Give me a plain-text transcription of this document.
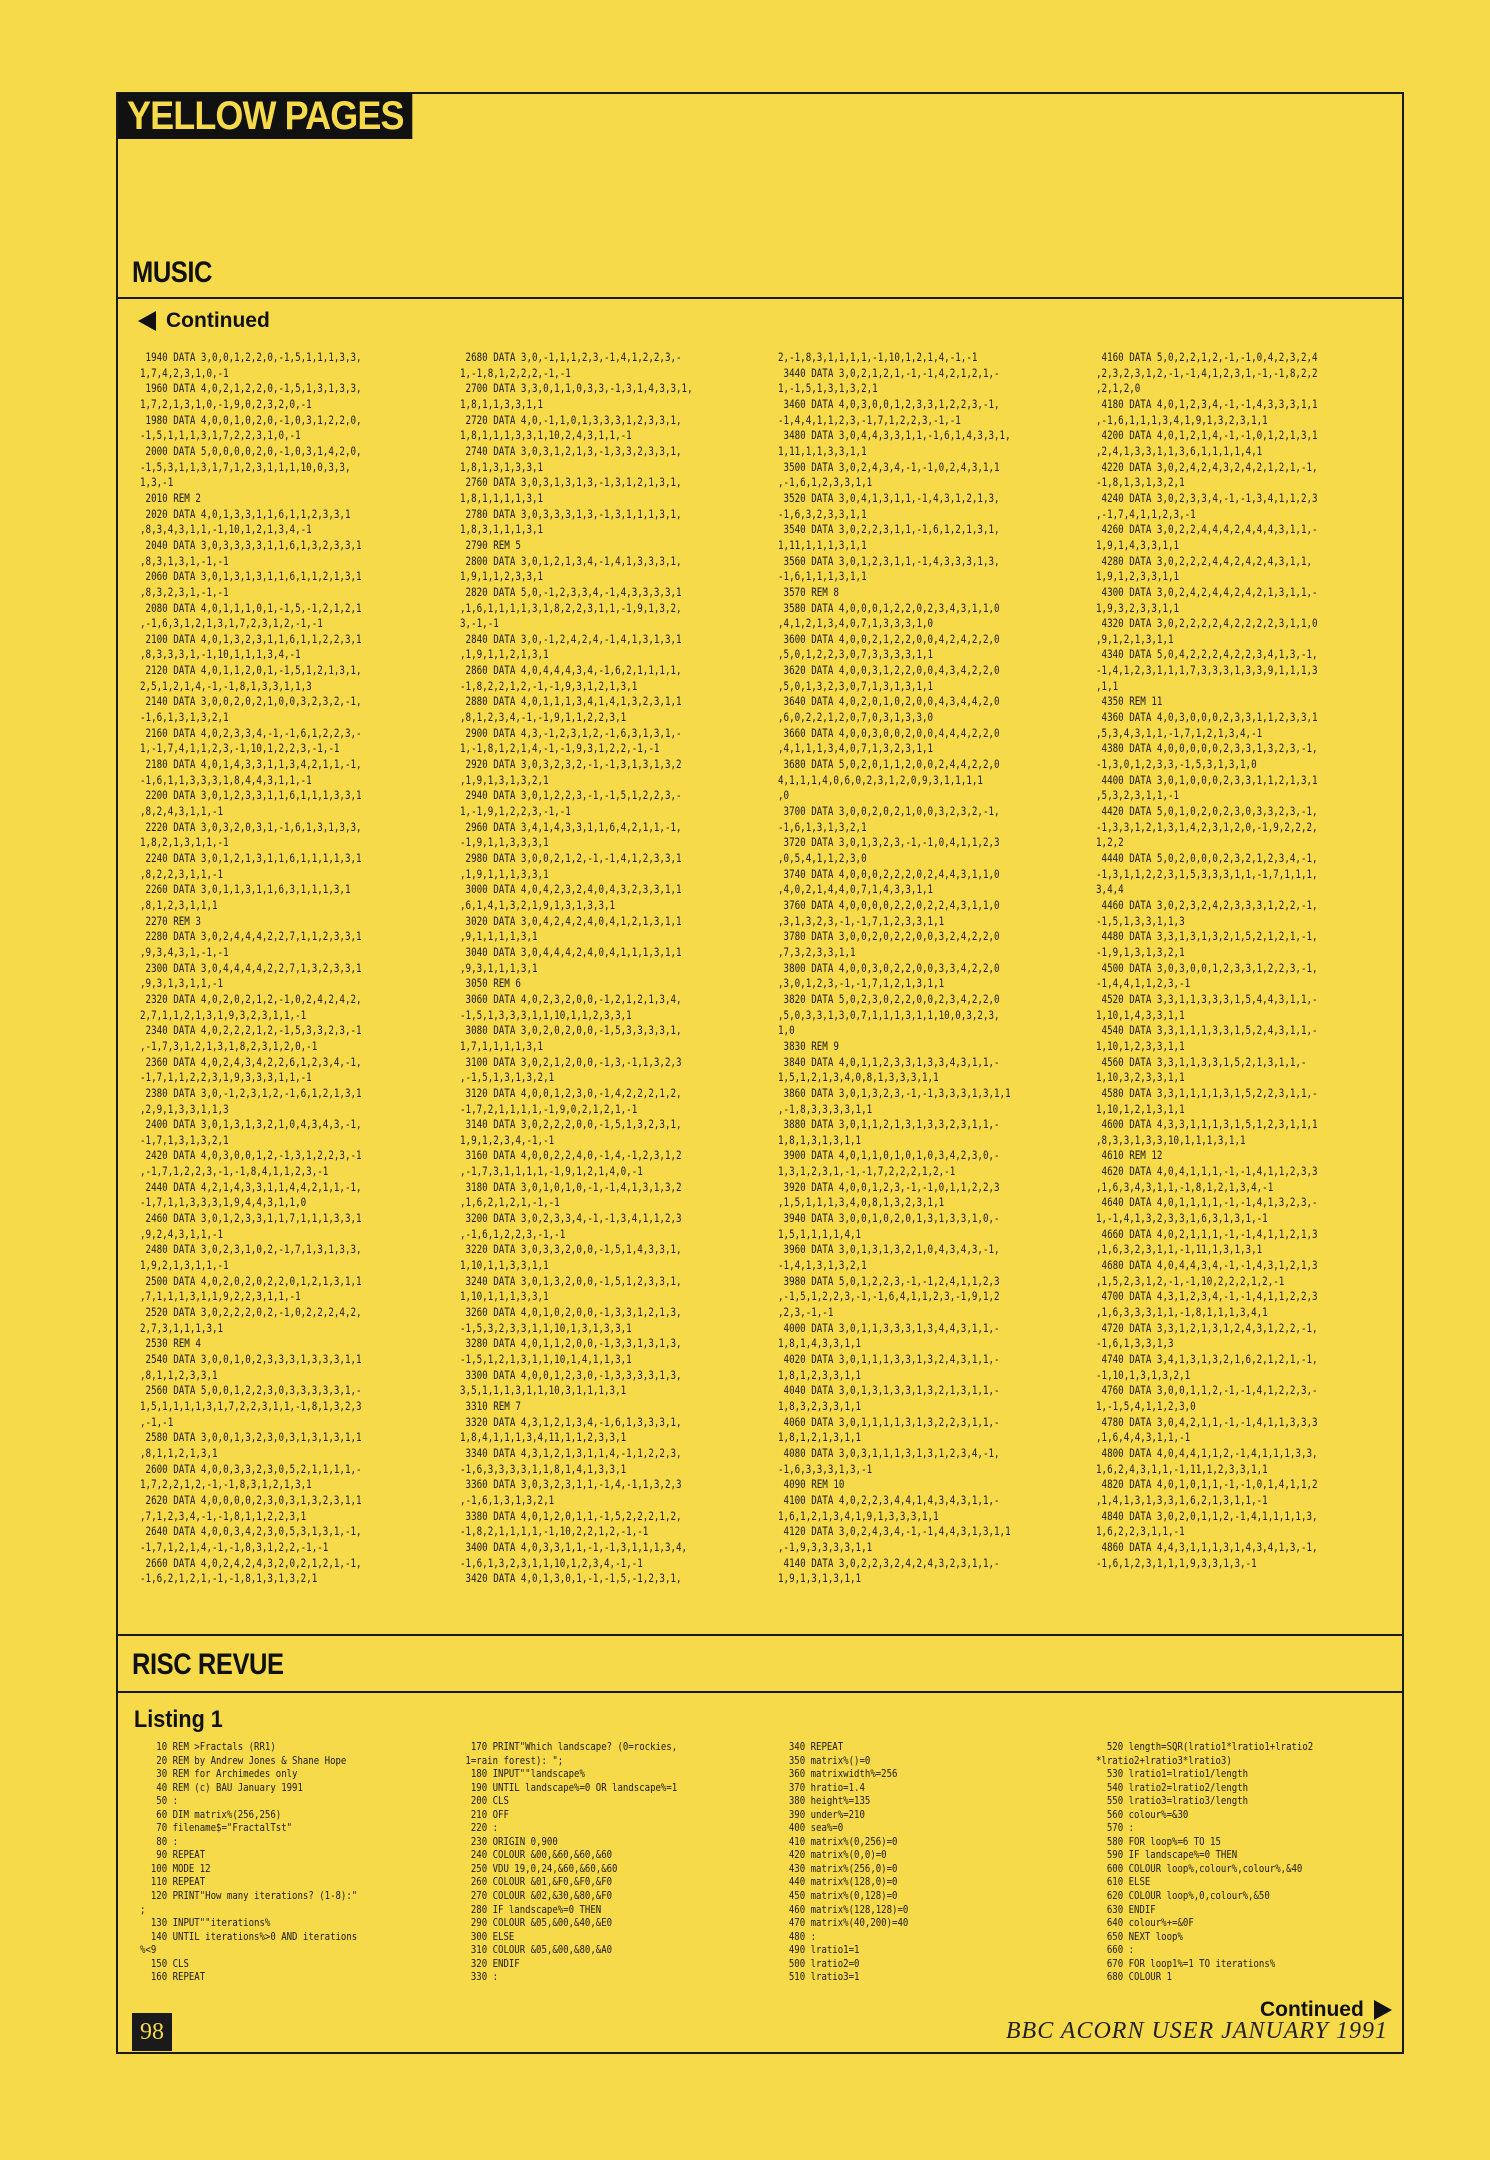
YELLOW PAGES
MUSIC
Continued
1940 DATA 3,0,0,1,2,2,0,-1,5,1,1,1,3,3,
1,7,4,2,3,1,0,-1
1960 DATA 4,0,2,1,2,2,0,-1,5,1,3,1,3,3,
1,7,2,1,3,1,0,-1,9,0,2,3,2,0,-1
1980 DATA 4,0,0,1,0,2,0,-1,0,3,1,2,2,0,
-1,5,1,1,1,3,1,7,2,2,3,1,0,-1
2000 DATA 5,0,0,0,0,2,0,-1,0,3,1,4,2,0,
-1,5,3,1,1,3,1,7,1,2,3,1,1,1,10,0,3,3,
1,3,-1
2010 REM 2
2020 DATA 4,0,1,3,3,1,1,6,1,1,2,3,3,1
,8,3,4,3,1,1,-1,10,1,2,1,3,4,-1
2040 DATA 3,0,3,3,3,3,1,1,6,1,3,2,3,3,1
,8,3,1,3,1,-1,-1
2060 DATA 3,0,1,3,1,3,1,1,6,1,1,2,1,3,1
,8,3,2,3,1,-1,-1
2080 DATA 4,0,1,1,1,0,1,-1,5,-1,2,1,2,1
,-1,6,3,1,2,1,3,1,7,2,3,1,2,-1,-1
2100 DATA 4,0,1,3,2,3,1,1,6,1,1,2,2,3,1
,8,3,3,3,1,-1,10,1,1,1,3,4,-1
2120 DATA 4,0,1,1,2,0,1,-1,5,1,2,1,3,1,
2,5,1,2,1,4,-1,-1,8,1,3,3,1,1,3
2140 DATA 3,0,0,2,0,2,1,0,0,3,2,3,2,-1,
-1,6,1,3,1,3,2,1
2160 DATA 4,0,2,3,3,4,-1,-1,6,1,2,2,3,-
1,-1,7,4,1,1,2,3,-1,10,1,2,2,3,-1,-1
2180 DATA 4,0,1,4,3,3,1,1,3,4,2,1,1,-1,
-1,6,1,1,3,3,3,1,8,4,4,3,1,1,-1
2200 DATA 3,0,1,2,3,3,1,1,6,1,1,1,3,3,1
,8,2,4,3,1,1,-1
2220 DATA 3,0,3,2,0,3,1,-1,6,1,3,1,3,3,
1,8,2,1,3,1,1,-1
2240 DATA 3,0,1,2,1,3,1,1,6,1,1,1,1,3,1
,8,2,2,3,1,1,-1
2260 DATA 3,0,1,1,3,1,1,6,3,1,1,1,3,1
,8,1,2,3,1,1,1
2270 REM 3
2280 DATA 3,0,2,4,4,4,2,2,7,1,1,2,3,3,1
,9,3,4,3,1,-1,-1
2300 DATA 3,0,4,4,4,4,2,2,7,1,3,2,3,3,1
,9,3,1,3,1,1,-1
2320 DATA 4,0,2,0,2,1,2,-1,0,2,4,2,4,2,
2,7,1,1,2,1,3,1,9,3,2,3,1,1,-1
2340 DATA 4,0,2,2,2,1,2,-1,5,3,3,2,3,-1
,-1,7,3,1,2,1,3,1,8,2,3,1,2,0,-1
2360 DATA 4,0,2,4,3,4,2,2,6,1,2,3,4,-1,
-1,7,1,1,2,2,3,1,9,3,3,3,1,1,-1
2380 DATA 3,0,-1,2,3,1,2,-1,6,1,2,1,3,1
,2,9,1,3,3,1,1,3
2400 DATA 3,0,1,3,1,3,2,1,0,4,3,4,3,-1,
-1,7,1,3,1,3,2,1
2420 DATA 4,0,3,0,0,1,2,-1,3,1,2,2,3,-1
,-1,7,1,2,2,3,-1,-1,8,4,1,1,2,3,-1
2440 DATA 4,2,1,4,3,3,1,1,4,4,2,1,1,-1,
-1,7,1,1,3,3,3,1,9,4,4,3,1,1,0
2460 DATA 3,0,1,2,3,3,1,1,7,1,1,1,3,3,1
,9,2,4,3,1,1,-1
2480 DATA 3,0,2,3,1,0,2,-1,7,1,3,1,3,3,
1,9,2,1,3,1,1,-1
2500 DATA 4,0,2,0,2,0,2,2,0,1,2,1,3,1,1
,7,1,1,1,3,1,1,9,2,2,3,1,1,-1
2520 DATA 3,0,2,2,2,0,2,-1,0,2,2,2,4,2,
2,7,3,1,1,1,3,1
2530 REM 4
2540 DATA 3,0,0,1,0,2,3,3,3,1,3,3,3,1,1
,8,1,1,2,3,3,1
2560 DATA 5,0,0,1,2,2,3,0,3,3,3,3,3,1,-
1,5,1,1,1,1,3,1,7,2,2,3,1,1,-1,8,1,3,2,3
,-1,-1
2580 DATA 3,0,0,1,3,2,3,0,3,1,3,1,3,1,1
,8,1,1,2,1,3,1
2600 DATA 4,0,0,3,3,2,3,0,5,2,1,1,1,1,-
1,7,2,2,1,2,-1,-1,8,3,1,2,1,3,1
2620 DATA 4,0,0,0,0,2,3,0,3,1,3,2,3,1,1
,7,1,2,3,4,-1,-1,8,1,1,2,2,3,1
2640 DATA 4,0,0,3,4,2,3,0,5,3,1,3,1,-1,
-1,7,1,2,1,4,-1,-1,8,3,1,2,2,-1,-1
2660 DATA 4,0,2,4,2,4,3,2,0,2,1,2,1,-1,
-1,6,2,1,2,1,-1,-1,8,1,3,1,3,2,1
2680 DATA 3,0,-1,1,1,2,3,-1,4,1,2,2,3,-
1,-1,8,1,2,2,2,-1,-1
2700 DATA 3,3,0,1,1,0,3,3,-1,3,1,4,3,3,1,
1,8,1,1,3,3,1,1
2720 DATA 4,0,-1,1,0,1,3,3,3,1,2,3,3,1,
1,8,1,1,1,3,3,1,10,2,4,3,1,1,-1
2740 DATA 3,0,3,1,2,1,3,-1,3,3,2,3,3,1,
1,8,1,3,1,3,3,1
2760 DATA 3,0,3,1,3,1,3,-1,3,1,2,1,3,1,
1,8,1,1,1,1,3,1
2780 DATA 3,0,3,3,3,1,3,-1,3,1,1,1,3,1,
1,8,3,1,1,1,3,1
2790 REM 5
2800 DATA 3,0,1,2,1,3,4,-1,4,1,3,3,3,1,
1,9,1,1,2,3,3,1
2820 DATA 5,0,-1,2,3,3,4,-1,4,3,3,3,3,1
,1,6,1,1,1,1,3,1,8,2,2,3,1,1,-1,9,1,3,2,
3,-1,-1
2840 DATA 3,0,-1,2,4,2,4,-1,4,1,3,1,3,1
,1,9,1,1,2,1,3,1
2860 DATA 4,0,4,4,4,3,4,-1,6,2,1,1,1,1,
-1,8,2,2,1,2,-1,-1,9,3,1,2,1,3,1
2880 DATA 4,0,1,1,1,3,4,1,4,1,3,2,3,1,1
,8,1,2,3,4,-1,-1,9,1,1,2,2,3,1
2900 DATA 4,3,-1,2,3,1,2,-1,6,3,1,3,1,-
1,-1,8,1,2,1,4,-1,-1,9,3,1,2,2,-1,-1
2920 DATA 3,0,3,2,3,2,-1,-1,3,1,3,1,3,2
,1,9,1,3,1,3,2,1
2940 DATA 3,0,1,2,2,3,-1,-1,5,1,2,2,3,-
1,-1,9,1,2,2,3,-1,-1
2960 DATA 3,4,1,4,3,3,1,1,6,4,2,1,1,-1,
-1,9,1,1,3,3,3,1
2980 DATA 3,0,0,2,1,2,-1,-1,4,1,2,3,3,1
,1,9,1,1,1,3,3,1
3000 DATA 4,0,4,2,3,2,4,0,4,3,2,3,3,1,1
,6,1,4,1,3,2,1,9,1,3,1,3,3,1
3020 DATA 3,0,4,2,4,2,4,0,4,1,2,1,3,1,1
,9,1,1,1,1,3,1
3040 DATA 3,0,4,4,4,2,4,0,4,1,1,1,3,1,1
,9,3,1,1,1,3,1
3050 REM 6
3060 DATA 4,0,2,3,2,0,0,-1,2,1,2,1,3,4,
-1,5,1,3,3,3,1,1,10,1,1,2,3,3,1
3080 DATA 3,0,2,0,2,0,0,-1,5,3,3,3,3,1,
1,7,1,1,1,1,3,1
3100 DATA 3,0,2,1,2,0,0,-1,3,-1,1,3,2,3
,-1,5,1,3,1,3,2,1
3120 DATA 4,0,0,1,2,3,0,-1,4,2,2,2,1,2,
-1,7,2,1,1,1,1,-1,9,0,2,1,2,1,-1
3140 DATA 3,0,2,2,2,0,0,-1,5,1,3,2,3,1,
1,9,1,2,3,4,-1,-1
3160 DATA 4,0,0,2,2,4,0,-1,4,-1,2,3,1,2
,-1,7,3,1,1,1,1,-1,9,1,2,1,4,0,-1
3180 DATA 3,0,1,0,1,0,-1,-1,4,1,3,1,3,2
,1,6,2,1,2,1,-1,-1
3200 DATA 3,0,2,3,3,4,-1,-1,3,4,1,1,2,3
,-1,6,1,2,2,3,-1,-1
3220 DATA 3,0,3,3,2,0,0,-1,5,1,4,3,3,1,
1,10,1,1,3,3,1,1
3240 DATA 3,0,1,3,2,0,0,-1,5,1,2,3,3,1,
1,10,1,1,1,3,3,1
3260 DATA 4,0,1,0,2,0,0,-1,3,3,1,2,1,3,
-1,5,3,2,3,3,1,1,10,1,3,1,3,3,1
3280 DATA 4,0,1,1,2,0,0,-1,3,3,1,3,1,3,
-1,5,1,2,1,3,1,1,10,1,4,1,1,3,1
3300 DATA 4,0,0,1,2,3,0,-1,3,3,3,3,1,3,
3,5,1,1,1,3,1,1,10,3,1,1,1,3,1
3310 REM 7
3320 DATA 4,3,1,2,1,3,4,-1,6,1,3,3,3,1,
1,8,4,1,1,1,3,4,11,1,1,2,3,3,1
3340 DATA 4,3,1,2,1,3,1,1,4,-1,1,2,2,3,
-1,6,3,3,3,3,1,1,8,1,4,1,3,3,1
3360 DATA 3,0,3,2,3,1,1,-1,4,-1,1,3,2,3
,-1,6,1,3,1,3,2,1
3380 DATA 4,0,1,2,0,1,1,-1,5,2,2,2,1,2,
-1,8,2,1,1,1,1,-1,10,2,2,1,2,-1,-1
3400 DATA 4,0,3,3,1,1,-1,-1,3,1,1,1,3,4,
-1,6,1,3,2,3,1,1,10,1,2,3,4,-1,-1
3420 DATA 4,0,1,3,0,1,-1,-1,5,-1,2,3,1,
2,-1,8,3,1,1,1,1,-1,10,1,2,1,4,-1,-1
3440 DATA 3,0,2,1,2,1,-1,-1,4,2,1,2,1,-
1,-1,5,1,3,1,3,2,1
3460 DATA 4,0,3,0,0,1,2,3,3,1,2,2,3,-1,
-1,4,4,1,1,2,3,-1,7,1,2,2,3,-1,-1
3480 DATA 3,0,4,4,3,3,1,1,-1,6,1,4,3,3,1,
1,11,1,1,3,3,1,1
3500 DATA 3,0,2,4,3,4,-1,-1,0,2,4,3,1,1
,-1,6,1,2,3,3,1,1
3520 DATA 3,0,4,1,3,1,1,-1,4,3,1,2,1,3,
-1,6,3,2,3,3,1,1
3540 DATA 3,0,2,2,3,1,1,-1,6,1,2,1,3,1,
1,11,1,1,1,3,1,1
3560 DATA 3,0,1,2,3,1,1,-1,4,3,3,3,1,3,
-1,6,1,1,1,3,1,1
3570 REM 8
3580 DATA 4,0,0,0,1,2,2,0,2,3,4,3,1,1,0
,4,1,2,1,3,4,0,7,1,3,3,3,1,0
3600 DATA 4,0,0,2,1,2,2,0,0,4,2,4,2,2,0
,5,0,1,2,2,3,0,7,3,3,3,3,1,1
3620 DATA 4,0,0,3,1,2,2,0,0,4,3,4,2,2,0
,5,0,1,3,2,3,0,7,1,3,1,3,1,1
3640 DATA 4,0,2,0,1,0,2,0,0,4,3,4,4,2,0
,6,0,2,2,1,2,0,7,0,3,1,3,3,0
3660 DATA 4,0,0,3,0,0,2,0,0,4,4,4,2,2,0
,4,1,1,1,3,4,0,7,1,3,2,3,1,1
3680 DATA 5,0,2,0,1,1,2,0,0,2,4,4,2,2,0
4,1,1,1,4,0,6,0,2,3,1,2,0,9,3,1,1,1,1
,0
3700 DATA 3,0,0,2,0,2,1,0,0,3,2,3,2,-1,
-1,6,1,3,1,3,2,1
3720 DATA 3,0,1,3,2,3,-1,-1,0,4,1,1,2,3
,0,5,4,1,1,2,3,0
3740 DATA 4,0,0,0,2,2,2,0,2,4,4,3,1,1,0
,4,0,2,1,4,4,0,7,1,4,3,3,1,1
3760 DATA 4,0,0,0,0,2,2,0,2,2,4,3,1,1,0
,3,1,3,2,3,-1,-1,7,1,2,3,3,1,1
3780 DATA 3,0,0,2,0,2,2,0,0,3,2,4,2,2,0
,7,3,2,3,3,1,1
3800 DATA 4,0,0,3,0,2,2,0,0,3,3,4,2,2,0
,3,0,1,2,3,-1,-1,7,1,2,1,3,1,1
3820 DATA 5,0,2,3,0,2,2,0,0,2,3,4,2,2,0
,5,0,3,3,1,3,0,7,1,1,1,3,1,1,10,0,3,2,3,
1,0
3830 REM 9
3840 DATA 4,0,1,1,2,3,3,1,3,3,4,3,1,1,-
1,5,1,2,1,3,4,0,8,1,3,3,3,1,1
3860 DATA 3,0,1,3,2,3,-1,-1,3,3,3,1,3,1,1
,-1,8,3,3,3,3,1,1
3880 DATA 3,0,1,1,2,1,3,1,3,3,2,3,1,1,-
1,8,1,3,1,3,1,1
3900 DATA 4,0,1,1,0,1,0,1,0,3,4,2,3,0,-
1,3,1,2,3,1,-1,-1,7,2,2,2,1,2,-1
3920 DATA 4,0,0,1,2,3,-1,-1,0,1,1,2,2,3
,1,5,1,1,1,3,4,0,8,1,3,2,3,1,1
3940 DATA 3,0,0,1,0,2,0,1,3,1,3,3,1,0,-
1,5,1,1,1,1,4,1
3960 DATA 3,0,1,3,1,3,2,1,0,4,3,4,3,-1,
-1,4,1,3,1,3,2,1
3980 DATA 5,0,1,2,2,3,-1,-1,2,4,1,1,2,3
,-1,5,1,2,2,3,-1,-1,6,4,1,1,2,3,-1,9,1,2
,2,3,-1,-1
4000 DATA 3,0,1,1,3,3,3,1,3,4,4,3,1,1,-
1,8,1,4,3,3,1,1
4020 DATA 3,0,1,1,1,3,3,1,3,2,4,3,1,1,-
1,8,1,2,3,3,1,1
4040 DATA 3,0,1,3,1,3,3,1,3,2,1,3,1,1,-
1,8,3,2,3,3,1,1
4060 DATA 3,0,1,1,1,1,3,1,3,2,2,3,1,1,-
1,8,1,2,1,3,1,1
4080 DATA 3,0,3,1,1,1,3,1,3,1,2,3,4,-1,
-1,6,3,3,3,1,3,-1
4090 REM 10
4100 DATA 4,0,2,2,3,4,4,1,4,3,4,3,1,1,-
1,6,1,2,1,3,4,1,9,1,3,3,3,1,1
4120 DATA 3,0,2,4,3,4,-1,-1,4,4,3,1,3,1,1
,-1,9,3,3,3,3,1,1
4140 DATA 3,0,2,2,3,2,4,2,4,3,2,3,1,1,-
1,9,1,3,1,3,1,1
4160 DATA 5,0,2,2,1,2,-1,-1,0,4,2,3,2,4
,2,3,2,3,1,2,-1,-1,4,1,2,3,1,-1,-1,8,2,2
,2,1,2,0
4180 DATA 4,0,1,2,3,4,-1,-1,4,3,3,3,1,1
,-1,6,1,1,1,3,4,1,9,1,3,2,3,1,1
4200 DATA 4,0,1,2,1,4,-1,-1,0,1,2,1,3,1
,2,4,1,3,3,1,1,3,6,1,1,1,1,4,1
4220 DATA 3,0,2,4,2,4,3,2,4,2,1,2,1,-1,
-1,8,1,3,1,3,2,1
4240 DATA 3,0,2,3,3,4,-1,-1,3,4,1,1,2,3
,-1,7,4,1,1,2,3,-1
4260 DATA 3,0,2,2,4,4,4,2,4,4,4,3,1,1,-
1,9,1,4,3,3,1,1
4280 DATA 3,0,2,2,2,4,4,2,4,2,4,3,1,1,
1,9,1,2,3,3,1,1
4300 DATA 3,0,2,4,2,4,4,2,4,2,1,3,1,1,-
1,9,3,2,3,3,1,1
4320 DATA 3,0,2,2,2,2,4,2,2,2,2,3,1,1,0
,9,1,2,1,3,1,1
4340 DATA 5,0,4,2,2,2,4,2,2,3,4,1,3,-1,
-1,4,1,2,3,1,1,1,7,3,3,3,1,3,3,9,1,1,1,3
,1,1
4350 REM 11
4360 DATA 4,0,3,0,0,0,2,3,3,1,1,2,3,3,1
,5,3,4,3,1,1,-1,7,1,2,1,3,4,-1
4380 DATA 4,0,0,0,0,0,2,3,3,1,3,2,3,-1,
-1,3,0,1,2,3,3,-1,5,3,1,3,1,0
4400 DATA 3,0,1,0,0,0,2,3,3,1,1,2,1,3,1
,5,3,2,3,1,1,-1
4420 DATA 5,0,1,0,2,0,2,3,0,3,3,2,3,-1,
-1,3,3,1,2,1,3,1,4,2,3,1,2,0,-1,9,2,2,2,
1,2,2
4440 DATA 5,0,2,0,0,0,2,3,2,1,2,3,4,-1,
-1,3,1,1,2,2,3,1,5,3,3,3,1,1,-1,7,1,1,1,
3,4,4
4460 DATA 3,0,2,3,2,4,2,3,3,3,1,2,2,-1,
-1,5,1,3,3,1,1,3
4480 DATA 3,3,1,3,1,3,2,1,5,2,1,2,1,-1,
-1,9,1,3,1,3,2,1
4500 DATA 3,0,3,0,0,1,2,3,3,1,2,2,3,-1,
-1,4,4,1,1,2,3,-1
4520 DATA 3,3,1,1,3,3,3,1,5,4,4,3,1,1,-
1,10,1,4,3,3,1,1
4540 DATA 3,3,1,1,1,3,3,1,5,2,4,3,1,1,-
1,10,1,2,3,3,1,1
4560 DATA 3,3,1,1,3,3,1,5,2,1,3,1,1,-
1,10,3,2,3,3,1,1
4580 DATA 3,3,1,1,1,1,3,1,5,2,2,3,1,1,-
1,10,1,2,1,3,1,1
4600 DATA 4,3,3,1,1,1,3,1,5,1,2,3,1,1,1
,8,3,3,1,3,3,10,1,1,1,3,1,1
4610 REM 12
4620 DATA 4,0,4,1,1,1,-1,-1,4,1,1,2,3,3
,1,6,3,4,3,1,1,-1,8,1,2,1,3,4,-1
4640 DATA 4,0,1,1,1,1,-1,-1,4,1,3,2,3,-
1,-1,4,1,3,2,3,3,1,6,3,1,3,1,-1
4660 DATA 4,0,2,1,1,1,-1,-1,4,1,1,2,1,3
,1,6,3,2,3,1,1,-1,11,1,3,1,3,1
4680 DATA 4,0,4,4,3,4,-1,-1,4,3,1,2,1,3
,1,5,2,3,1,2,-1,-1,10,2,2,2,1,2,-1
4700 DATA 4,3,1,2,3,4,-1,-1,4,1,1,2,2,3
,1,6,3,3,3,1,1,-1,8,1,1,1,3,4,1
4720 DATA 3,3,1,2,1,3,1,2,4,3,1,2,2,-1,
-1,6,1,3,3,1,3
4740 DATA 3,4,1,3,1,3,2,1,6,2,1,2,1,-1,
-1,10,1,3,1,3,2,1
4760 DATA 3,0,0,1,1,2,-1,-1,4,1,2,2,3,-
1,-1,5,4,1,1,2,3,0
4780 DATA 3,0,4,2,1,1,-1,-1,4,1,1,3,3,3
,1,6,4,4,3,1,1,-1
4800 DATA 4,0,4,4,1,1,2,-1,4,1,1,1,3,3,
1,6,2,4,3,1,1,-1,11,1,2,3,3,1,1
4820 DATA 4,0,1,0,1,1,-1,-1,0,1,4,1,1,2
,1,4,1,3,1,3,3,1,6,2,1,3,1,1,-1
4840 DATA 3,0,2,0,1,1,2,-1,4,1,1,1,1,3,
1,6,2,2,3,1,1,-1
4860 DATA 4,4,3,1,1,1,3,1,4,3,4,1,3,-1,
-1,6,1,2,3,1,1,1,9,3,3,1,3,-1
RISC REVUE
Listing 1
10 REM >Fractals (RR1)
20 REM by Andrew Jones & Shane Hope
30 REM for Archimedes only
40 REM (c) BAU January 1991
50 :
60 DIM matrix%(256,256)
70 filename$="FractalTst"
80 :
90 REPEAT
100 MODE 12
110 REPEAT
120 PRINT"How many iterations? (1-8):"
;
130 INPUT""iterations%
140 UNTIL iterations%>0 AND iterations
%<9
150 CLS
160 REPEAT
170 PRINT"Which landscape? (0=rockies,
1=rain forest): ";
180 INPUT""landscape%
190 UNTIL landscape%=0 OR landscape%=1
200 CLS
210 OFF
220 :
230 ORIGIN 0,900
240 COLOUR &00,&60,&60,&60
250 VDU 19,0,24,&60,&60,&60
260 COLOUR &01,&F0,&F0,&F0
270 COLOUR &02,&30,&80,&F0
280 IF landscape%=0 THEN
290 COLOUR &05,&00,&40,&E0
300 ELSE
310 COLOUR &05,&00,&80,&A0
320 ENDIF
330 :
340 REPEAT
350 matrix%()=0
360 matrixwidth%=256
370 hratio=1.4
380 height%=135
390 under%=210
400 sea%=0
410 matrix%(0,256)=0
420 matrix%(0,0)=0
430 matrix%(256,0)=0
440 matrix%(128,0)=0
450 matrix%(0,128)=0
460 matrix%(128,128)=0
470 matrix%(40,200)=40
480 :
490 lratio1=1
500 lratio2=0
510 lratio3=1
520 length=SQR(lratio1*lratio1+lratio2
*lratio2+lratio3*lratio3)
530 lratio1=lratio1/length
540 lratio2=lratio2/length
550 lratio3=lratio3/length
560 colour%=&30
570 :
580 FOR loop%=6 TO 15
590 IF landscape%=0 THEN
600 COLOUR loop%,colour%,colour%,&40
610 ELSE
620 COLOUR loop%,0,colour%,&50
630 ENDIF
640 colour%+=&0F
650 NEXT loop%
660 :
670 FOR loop1%=1 TO iterations%
680 COLOUR 1
Continued
98	BBC ACORN USER JANUARY 1991
